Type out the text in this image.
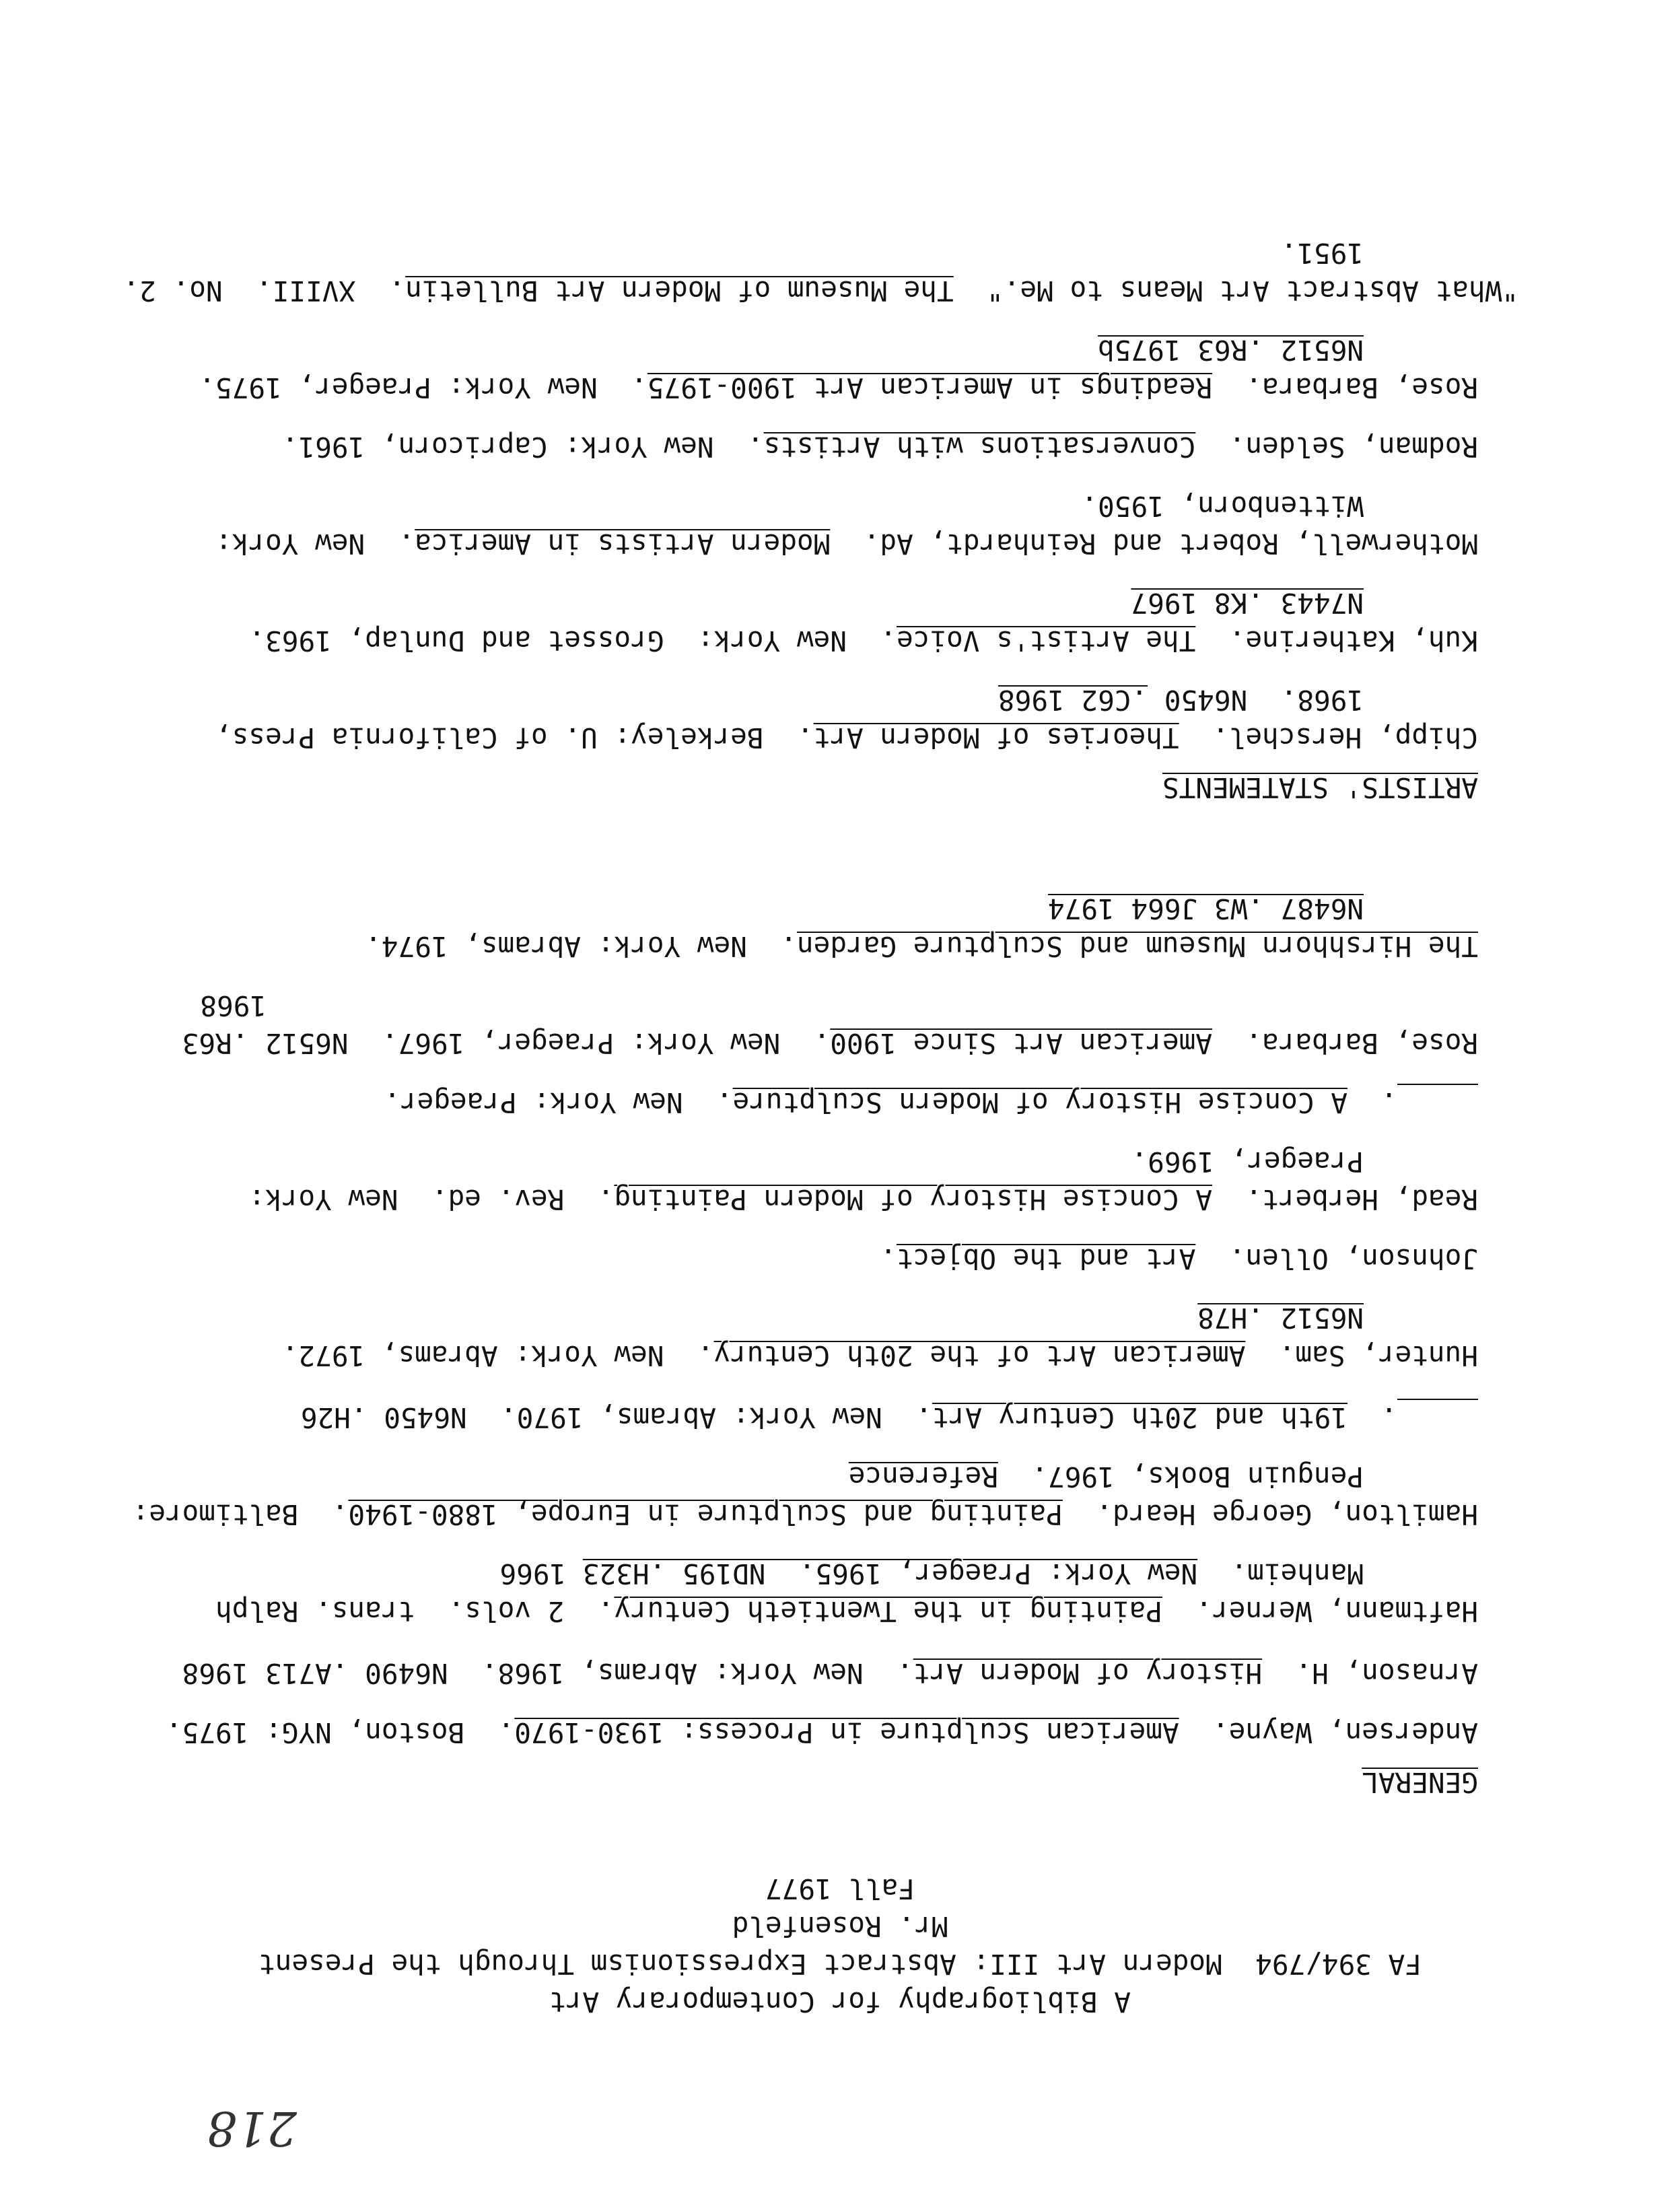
218
A Bibliography for Contemporary Art
FA 394/794  Modern Art III: Abstract Expressionism Through the Present
Mr. Rosenfeld
Fall 1977
GENERAL
Andersen, Wayne.  American Sculpture in Process: 1930-1970.  Boston, NYG: 1975.
Arnason, H.  History of Modern Art.  New York: Abrams, 1968.  N6490 .A713 1968
Haftmann, Werner.  Painting in the Twentieth Century.  2 vols.  trans. Ralph
Manheim.  New York: Praeger, 1965.  ND195 .H323 1966
Hamilton, George Heard.  Painting and Sculpture in Europe, 1880-1940.  Baltimore:
Penguin Books, 1967.  Reference
.  19th and 20th Century Art.  New York: Abrams, 1970.  N6450 .H26
Hunter, Sam.  American Art of the 20th Century.  New York: Abrams, 1972.
N6512 .H78
Johnson, Ollen.  Art and the Object.
Read, Herbert.  A Concise History of Modern Painting.  Rev. ed.  New York:
Praeger, 1969.
.  A Concise History of Modern Sculpture.  New York: Praeger.
Rose, Barbara.  American Art Since 1900.  New York: Praeger, 1967.  N6512 .R63
1968
The Hirshhorn Museum and Sculpture Garden.  New York: Abrams, 1974.
N6487 .W3 J664 1974
ARTISTS' STATEMENTS
Chipp, Herschel.  Theories of Modern Art.  Berkeley: U. of California Press,
1968.  N6450 .C62 1968
Kuh, Katherine.  The Artist's Voice.  New York:  Grosset and Dunlap, 1963.
N7443 .K8 1967
Motherwell, Robert and Reinhardt, Ad.  Modern Artists in America.  New York:
Wittenborn, 1950.
Rodman, Selden.  Conversations with Artists.  New York: Capricorn, 1961.
Rose, Barbara.  Readings in American Art 1900-1975.  New York: Praeger, 1975.
N6512 .R63 1975b
"What Abstract Art Means to Me."  The Museum of Modern Art Bulletin.  XVIII.  No. 2.
1951.
